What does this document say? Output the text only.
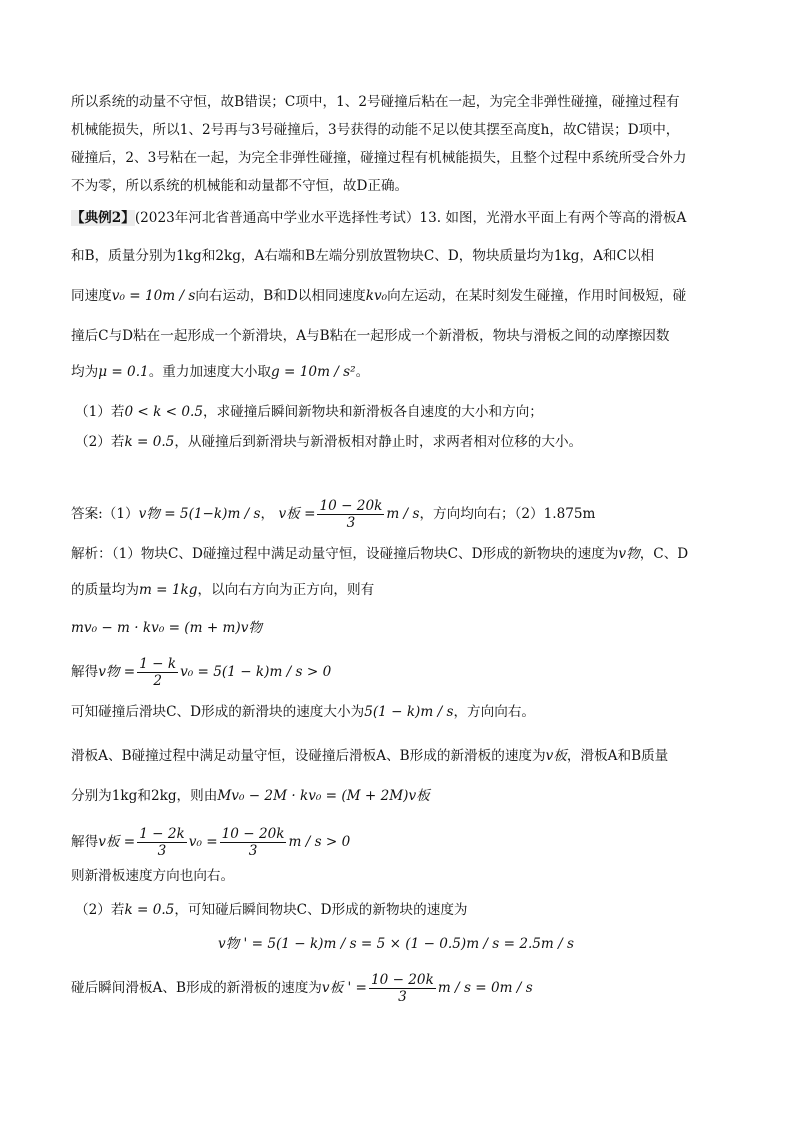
所以系统的动量不守恒，故B错误；C项中，1、2号碰撞后粘在一起，为完全非弹性碰撞，碰撞过程有
机械能损失，所以1、2号再与3号碰撞后，3号获得的动能不足以使其摆至高度h，故C错误；D项中，
碰撞后，2、3号粘在一起，为完全非弹性碰撞，碰撞过程有机械能损失，且整个过程中系统所受合外力
不为零，所以系统的机械能和动量都不守恒，故D正确。
【典例2】(2023年河北省普通高中学业水平选择性考试）13. 如图，光滑水平面上有两个等高的滑板A
和B，质量分别为1kg和2kg，A右端和B左端分别放置物块C、D，物块质量均为1kg，A和C以相
同速度v₀ = 10m / s向右运动，B和D以相同速度kv₀向左运动，在某时刻发生碰撞，作用时间极短，碰
撞后C与D粘在一起形成一个新滑块，A与B粘在一起形成一个新滑板，物块与滑板之间的动摩擦因数
均为μ = 0.1。重力加速度大小取g = 10m / s²。
（1）若0 < k < 0.5，求碰撞后瞬间新物块和新滑板各自速度的大小和方向；
（2）若k = 0.5，从碰撞后到新滑块与新滑板相对静止时，求两者相对位移的大小。
答案:（1）v物 = 5(1−k)m / s， v板 = $\frac{10 - 20k}{3}$ m / s，方向均向右；（2）1.875m
解析：（1）物块C、D碰撞过程中满足动量守恒，设碰撞后物块C、D形成的新物块的速度为v物，C、D
的质量均为m = 1kg，以向右方向为正方向，则有
mv₀ − m · kv₀ = (m + m)v物
解得v物 = $\frac{1 - k}{2} v_0 = 5(1 - k)m / s > 0$
可知碰撞后滑块C、D形成的新滑块的速度大小为5(1 − k)m / s，方向向右。
滑板A、B碰撞过程中满足动量守恒，设碰撞后滑板A、B形成的新滑板的速度为v板，滑板A和B质量
分别为1kg和2kg，则由Mv₀ − 2M · kv₀ = (M + 2M)v板
解得v板 = $\frac{1 - 2k}{3} v_0 = \frac{10 - 20k}{3}$ m / s > 0
则新滑板速度方向也向右。
（2）若k = 0.5，可知碰后瞬间物块C、D形成的新物块的速度为
v物 ' = 5(1 − k)m / s = 5 × (1 − 0.5)m / s = 2.5m / s
碰后瞬间滑板A、B形成的新滑板的速度为v板 ' = $\frac{10 - 20k}{3}$ m / s = 0m / s
